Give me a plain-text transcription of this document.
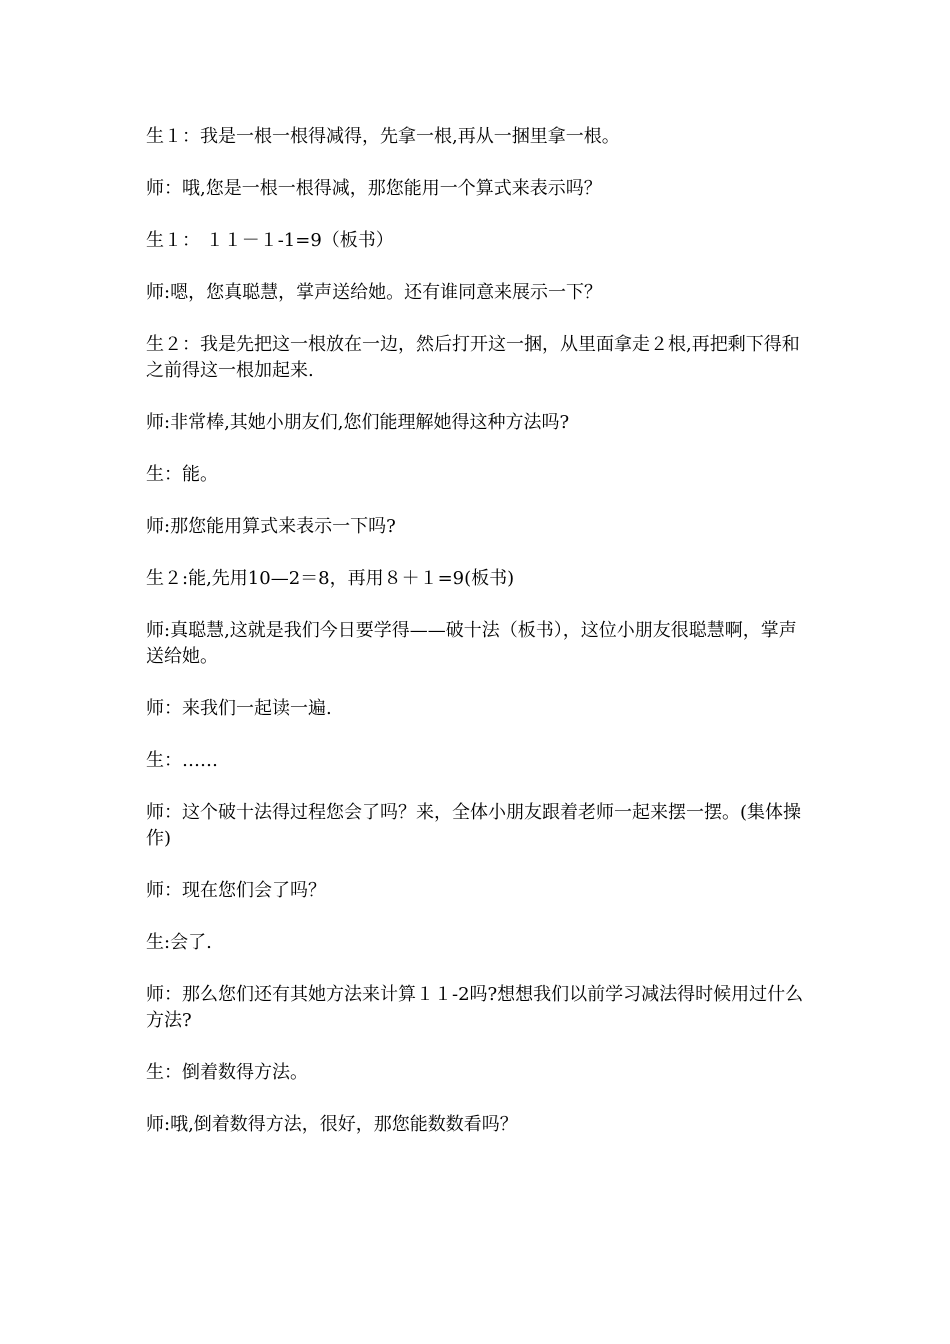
生１：我是一根一根得减得，先拿一根,再从一捆里拿一根。

师：哦,您是一根一根得减，那您能用一个算式来表示吗？

生１： １１－１-1=9（板书）

师:嗯，您真聪慧，掌声送给她。还有谁同意来展示一下？

生２：我是先把这一根放在一边，然后打开这一捆，从里面拿走２根,再把剩下得和之前得这一根加起来.

师:非常棒,其她小朋友们,您们能理解她得这种方法吗?

生：能。

师:那您能用算式来表示一下吗?

生２:能,先用10—2＝8，再用８＋１=9(板书)

师:真聪慧,这就是我们今日要学得——破十法（板书），这位小朋友很聪慧啊，掌声送给她。

师：来我们一起读一遍.

生：……

师：这个破十法得过程您会了吗？来，全体小朋友跟着老师一起来摆一摆。(集体操作)

师：现在您们会了吗？

生:会了.

师：那么您们还有其她方法来计算１１-2吗?想想我们以前学习减法得时候用过什么方法?

生：倒着数得方法。

师:哦,倒着数得方法，很好，那您能数数看吗？
